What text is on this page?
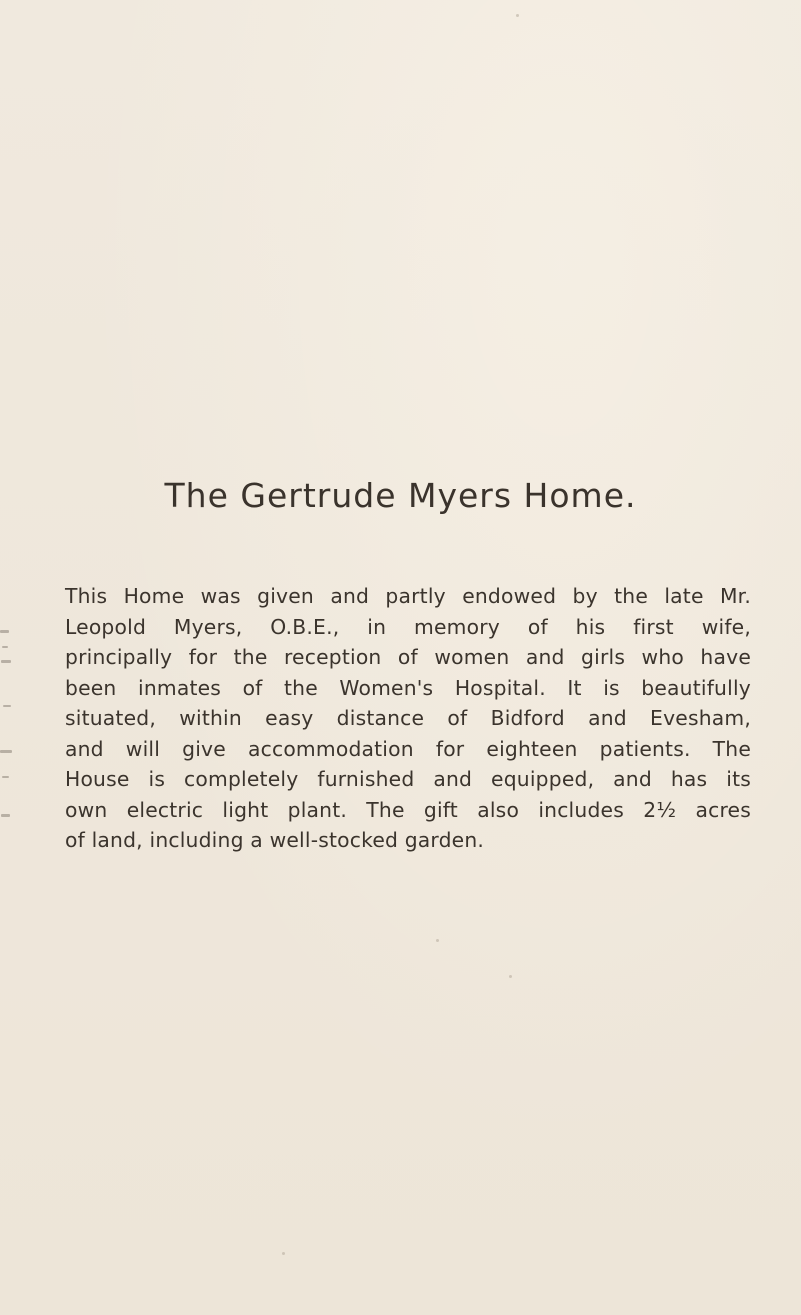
The Gertrude Myers Home.
This Home was given and partly endowed by the late Mr.
Leopold Myers, O.B.E., in memory of his first wife,
principally for the reception of women and girls who have
been inmates of the Women's Hospital. It is beautifully
situated, within easy distance of Bidford and Evesham,
and will give accommodation for eighteen patients. The
House is completely furnished and equipped, and has its
own electric light plant. The gift also includes 2½ acres
of land, including a well-stocked garden.
